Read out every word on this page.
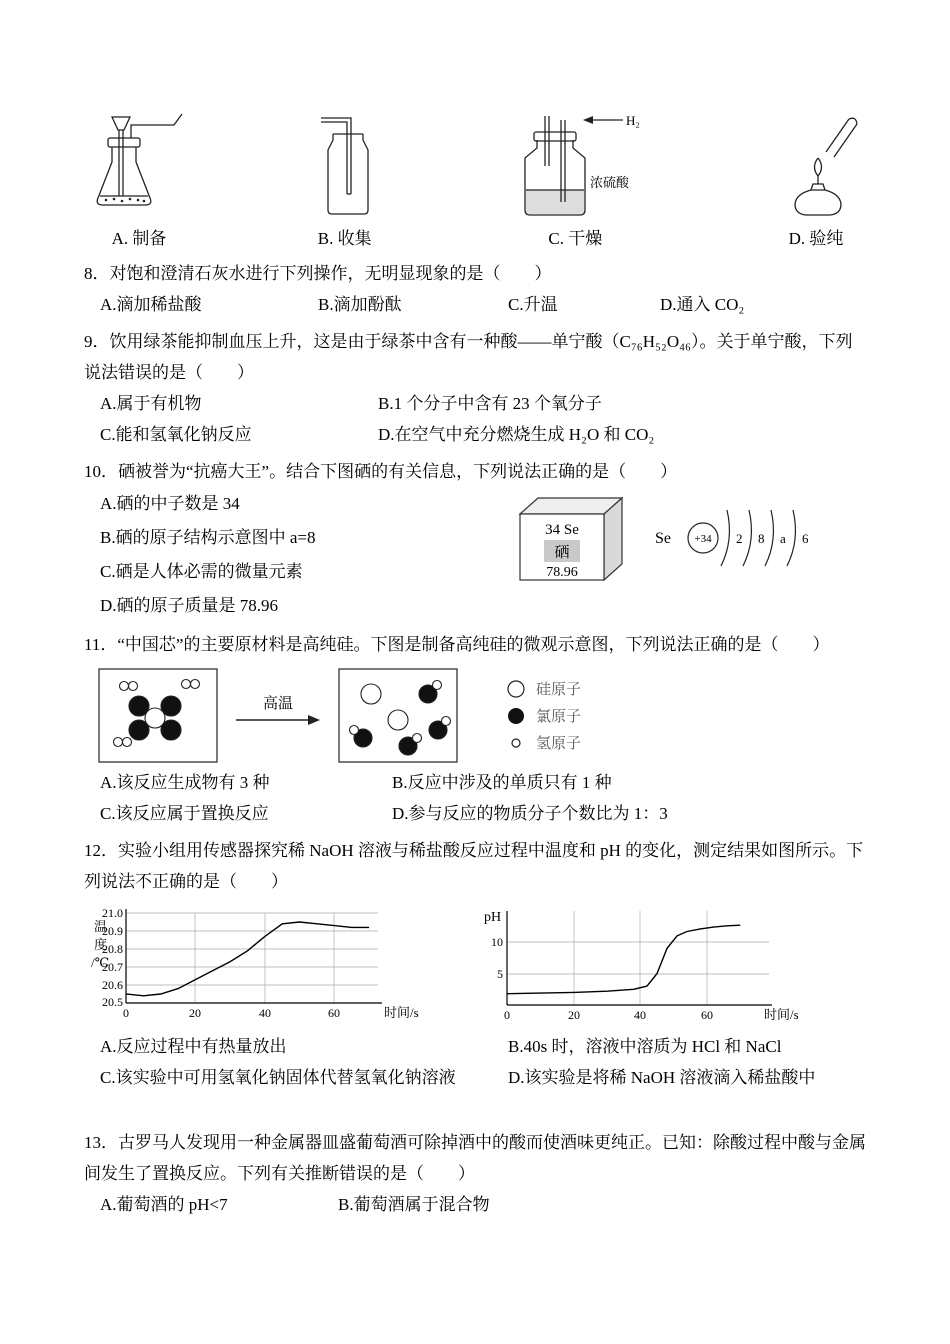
A. 制备	B. 收集
H₂
浓硫酸
C. 干燥	D. 验纯
8．对饱和澄清石灰水进行下列操作，无明显现象的是（　　）
A.滴加稀盐酸	B.滴加酚酞	C.升温	D.通入 CO₂
9．饮用绿茶能抑制血压上升，这是由于绿茶中含有一种酸——单宁酸（C₇₆H₅₂O₄₆）。关于单宁酸，下列说法错误的是（　　）
A.属于有机物	B.1 个分子中含有 23 个氧分子
C.能和氢氧化钠反应	D.在空气中充分燃烧生成 H₂O 和 CO₂
10．硒被誉为“抗癌大王”。结合下图硒的有关信息，下列说法正确的是（　　）
A.硒的中子数是 34
B.硒的原子结构示意图中 a=8
C.硒是人体必需的微量元素
D.硒的原子质量是 78.96
34 Se
硒
78.96
Se +34 2 8 a 6
11．“中国芯”的主要原材料是高纯硅。下图是制备高纯硅的微观示意图，下列说法正确的是（　　）
高温
硅原子
氯原子
氢原子
A.该反应生成物有 3 种	B.反应中涉及的单质只有 1 种
C.该反应属于置换反应	D.参与反应的物质分子个数比为 1：3
12．实验小组用传感器探究稀 NaOH 溶液与稀盐酸反应过程中温度和 pH 的变化，测定结果如图所示。下列说法不正确的是（　　）
21.0
20.9
20.8
20.7
20.6
20.5
0	20	40	60
温
度
/℃
时间/s
pH
10
5
0	20	40	60	时间/s
A.反应过程中有热量放出	B.40s 时，溶液中溶质为 HCl 和 NaCl
C.该实验中可用氢氧化钠固体代替氢氧化钠溶液	D.该实验是将稀 NaOH 溶液滴入稀盐酸中
13．古罗马人发现用一种金属器皿盛葡萄酒可除掉酒中的酸而使酒味更纯正。已知：除酸过程中酸与金属间发生了置换反应。下列有关推断错误的是（　　）
A.葡萄酒的 pH<7	B.葡萄酒属于混合物
